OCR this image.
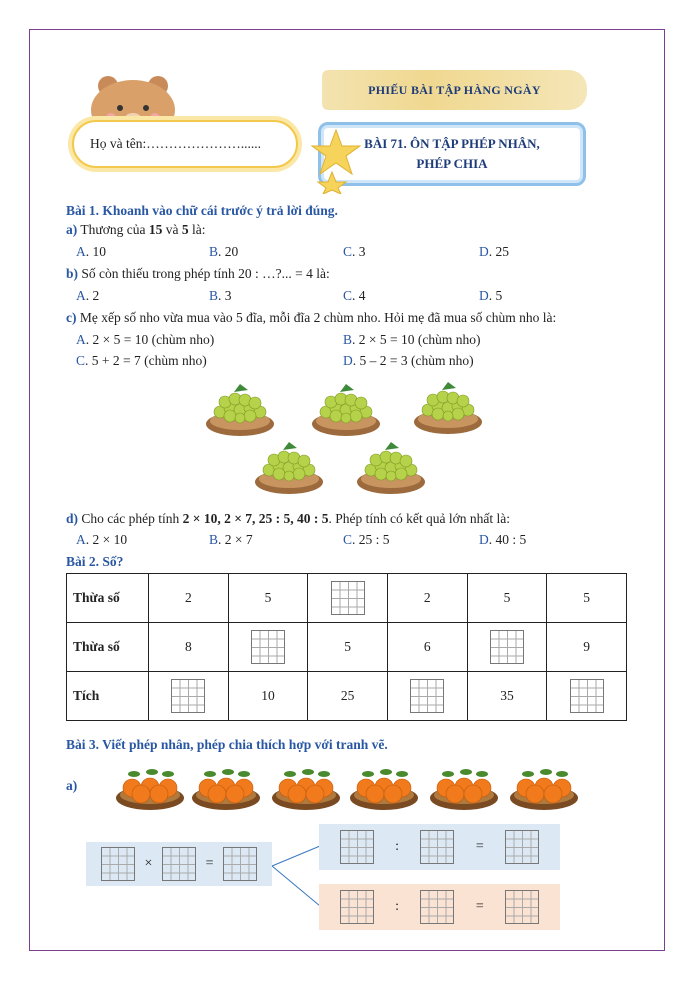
PHIẾU BÀI TẬP HÀNG NGÀY
Họ và tên:…………………......	BÀI 71. ÔN TẬP PHÉP NHÂN,
PHÉP CHIA
Bài 1. Khoanh vào chữ cái trước ý trả lời đúng.
a) Thương của 15 và 5 là:
A. 10	B. 20	C. 3	D. 25
b) Số còn thiếu trong phép tính 20 : …?... = 4 là:
A. 2	B. 3	C. 4	D. 5
c) Mẹ xếp số nho vừa mua vào 5 đĩa, mỗi đĩa 2 chùm nho. Hỏi mẹ đã mua số chùm nho là:
A. 2 × 5 = 10 (chùm nho)	B. 2 × 5 = 10 (chùm nho)
C. 5 + 2 = 7 (chùm nho)	D. 5 – 2 = 3 (chùm nho)
d) Cho các phép tính 2 × 10, 2 × 7, 25 : 5, 40 : 5. Phép tính có kết quả lớn nhất là:
A. 2 × 10	B. 2 × 7	C. 25 : 5	D. 40 : 5
Bài 2. Số?
Thừa số	2	5		2	5	5
Thừa số	8		5	6		9
Tích		10	25		35	
Bài 3. Viết phép nhân, phép chia thích hợp với tranh vẽ.
a)
×	=
:	=
:	=
